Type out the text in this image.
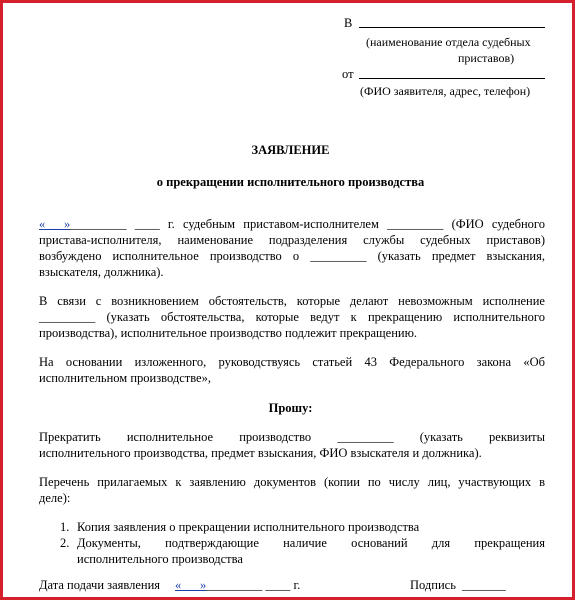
В
(наименование отдела судебных
приставов)
от
(ФИО заявителя, адрес, телефон)
ЗАЯВЛЕНИЕ
о прекращении исполнительного производства
«___»_________ ____ г. судебным приставом-исполнителем _________ (ФИО судебного
пристава-исполнителя, наименование подразделения службы судебных приставов)
возбуждено исполнительное производство о _________ (указать предмет взыскания,
взыскателя, должника).
В связи с возникновением обстоятельств, которые делают невозможным исполнение
_________ (указать обстоятельства, которые ведут к прекращению исполнительного
производства), исполнительное производство подлежит прекращению.
На основании изложенного, руководствуясь статьей 43 Федерального закона «Об
исполнительном производстве»,
Прошу:
Прекратить исполнительное производство _________ (указать реквизиты
исполнительного производства, предмет взыскания, ФИО взыскателя и должника).
Перечень прилагаемых к заявлению документов (копии по числу лиц, участвующих в
деле):
1. Копия заявления о прекращении исполнительного производства
2. Документы, подтверждающие наличие оснований для прекращения
исполнительного производства
Дата подачи заявления «___» _________ ____ г.	Подпись _______
